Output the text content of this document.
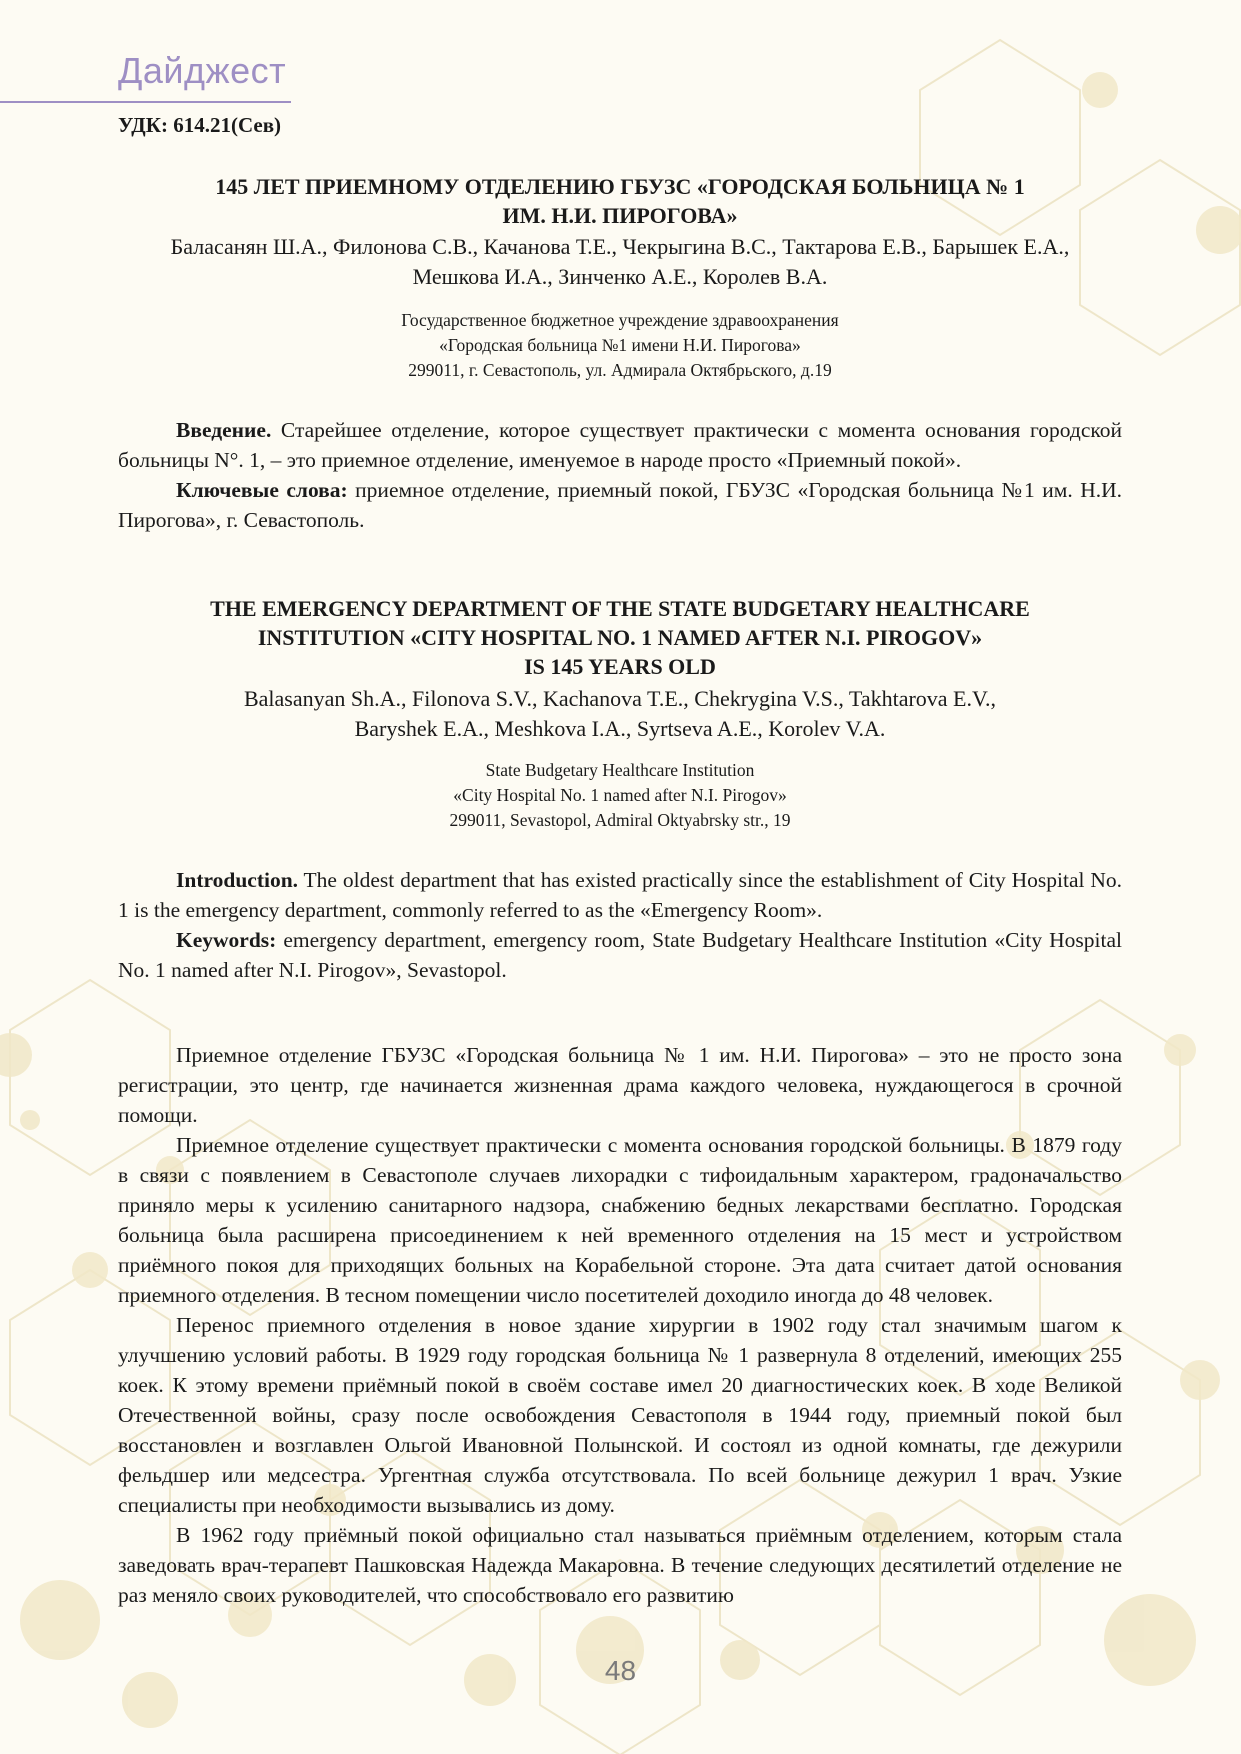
Дайджест
УДК: 614.21(Сев)
145 ЛЕТ ПРИЕМНОМУ ОТДЕЛЕНИЮ ГБУЗС «ГОРОДСКАЯ БОЛЬНИЦА № 1
ИМ. Н.И. ПИРОГОВА»
Баласанян Ш.А., Филонова С.В., Качанова Т.Е., Чекрыгина В.С., Тактарова Е.В., Барышек Е.А.,
Мешкова И.А., Зинченко А.Е., Королев В.А.
Государственное бюджетное учреждение здравоохранения
«Городская больница №1 имени Н.И. Пирогова»
299011, г. Севастополь, ул. Адмирала Октябрьского, д.19

Введение. Старейшее отделение, которое существует практически с момента основания городской больницы N°. 1, – это приемное отделение, именуемое в народе просто «Приемный покой».

Ключевые слова: приемное отделение, приемный покой, ГБУЗС «Городская больница №1 им. Н.И. Пирогова», г. Севастополь.

THE EMERGENCY DEPARTMENT OF THE STATE BUDGETARY HEALTHCARE
INSTITUTION «CITY HOSPITAL NO. 1 NAMED AFTER N.I. PIROGOV»
IS 145 YEARS OLD
Balasanyan Sh.A., Filonova S.V., Kachanova T.E., Chekrygina V.S., Takhtarova E.V.,
Baryshek E.A., Meshkova I.A., Syrtseva A.E., Korolev V.A.
State Budgetary Healthcare Institution
«City Hospital No. 1 named after N.I. Pirogov»
299011, Sevastopol, Admiral Oktyabrsky str., 19

Introduction. The oldest department that has existed practically since the establishment of City Hospital No. 1 is the emergency department, commonly referred to as the «Emergency Room».

Keywords: emergency department, emergency room, State Budgetary Healthcare Institution «City Hospital No. 1 named after N.I. Pirogov», Sevastopol.

Приемное отделение ГБУЗС «Городская больница № 1 им. Н.И. Пирогова» – это не просто зона регистрации, это центр, где начинается жизненная драма каждого человека, нуждающегося в срочной помощи.

Приемное отделение существует практически с момента основания городской больницы. В 1879 году в связи с появлением в Севастополе случаев лихорадки с тифоидальным характером, градоначальство приняло меры к усилению санитарного надзора, снабжению бедных лекарствами бесплатно. Городская больница была расширена присоединением к ней временного отделения на 15 мест и устройством приёмного покоя для приходящих больных на Корабельной стороне. Эта дата считает датой основания приемного отделения. В тесном помещении число посетителей доходило иногда до 48 человек.

Перенос приемного отделения в новое здание хирургии в 1902 году стал значимым шагом к улучшению условий работы. В 1929 году городская больница № 1 развернула 8 отделений, имеющих 255 коек. К этому времени приёмный покой в своём составе имел 20 диагностических коек. В ходе Великой Отечественной войны, сразу после освобождения Севастополя в 1944 году, приемный покой был восстановлен и возглавлен Ольгой Ивановной Полынской. И состоял из одной комнаты, где дежурили фельдшер или медсестра. Ургентная служба отсутствовала. По всей больнице дежурил 1 врач. Узкие специалисты при необходимости вызывались из дому.

В 1962 году приёмный покой официально стал называться приёмным отделением, которым стала заведовать врач-терапевт Пашковская Надежда Макаровна. В течение следующих десятилетий отделение не раз меняло своих руководителей, что способствовало его развитию

48
